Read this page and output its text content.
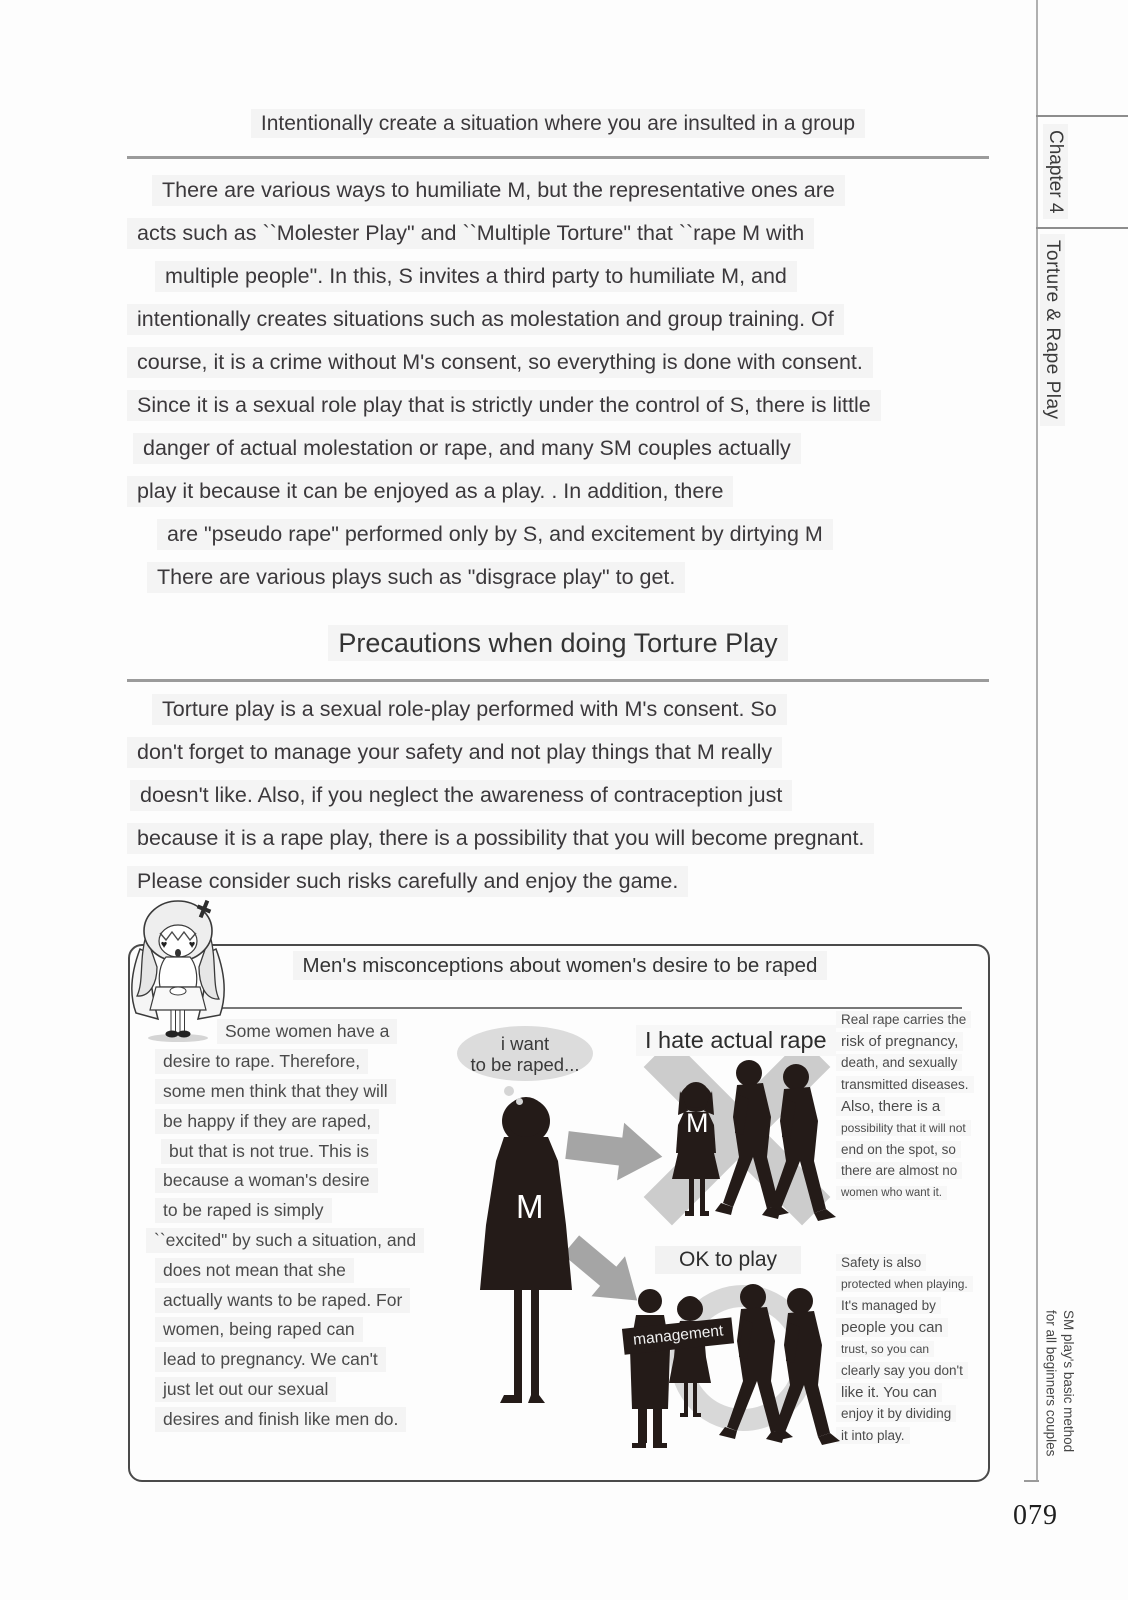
Intentionally create a situation where you are insulted in a group
There are various ways to humiliate M, but the representative ones are
acts such as ``Molester Play" and ``Multiple Torture" that ``rape M with
multiple people". In this, S invites a third party to humiliate M, and
intentionally creates situations such as molestation and group training. Of
course, it is a crime without M's consent, so everything is done with consent.
Since it is a sexual role play that is strictly under the control of S, there is little
danger of actual molestation or rape, and many SM couples actually
play it because it can be enjoyed as a play. . In addition, there
are "pseudo rape" performed only by S, and excitement by dirtying M
There are various plays such as "disgrace play" to get.
Precautions when doing Torture Play
Torture play is a sexual role-play performed with M's consent. So
don't forget to manage your safety and not play things that M really
doesn't like. Also, if you neglect the awareness of contraception just
because it is a rape play, there is a possibility that you will become pregnant.
Please consider such risks carefully and enjoy the game.
Men's misconceptions about women's desire to be raped
Some women have a
desire to rape. Therefore,
some men think that they will
be happy if they are raped,
but that is not true. This is
because a woman's desire
to be raped is simply
``excited" by such a situation, and
does not mean that she
actually wants to be raped. For
women, being raped can
lead to pregnancy. We can't
just let out our sexual
desires and finish like men do.
Real rape carries the
risk of pregnancy,
death, and sexually
transmitted diseases.
Also, there is a
possibility that it will not
end on the spot, so
there are almost no
women who want it.
Safety is also
protected when playing.
It's managed by
people you can
trust, so you can
clearly say you don't
like it. You can
enjoy it by dividing
it into play.
i want
to be raped...
I hate actual rape
OK to play
M
M
management
♥ ♥
Chapter 4
Torture & Rape Play
SM play's basic method
for all beginners couples
079
